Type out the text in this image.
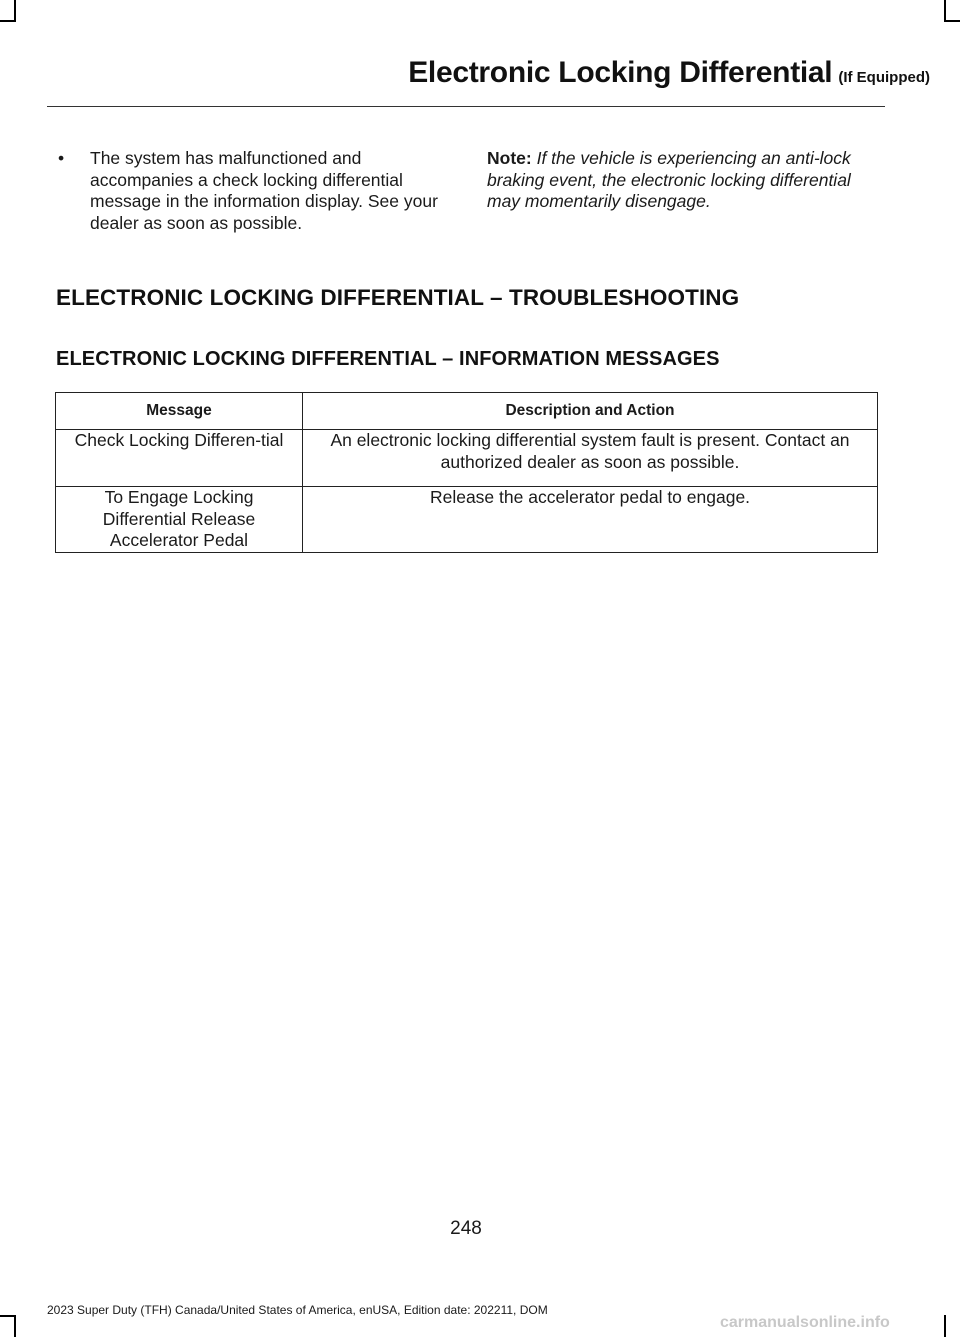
Electronic Locking Differential (If Equipped)
• The system has malfunctioned and accompanies a check locking differential message in the information display. See your dealer as soon as possible.
Note: If the vehicle is experiencing an anti-lock braking event, the electronic locking differential may momentarily disengage.
ELECTRONIC LOCKING DIFFERENTIAL – TROUBLESHOOTING
ELECTRONIC LOCKING DIFFERENTIAL – INFORMATION MESSAGES
Message	Description and Action
Check Locking Differen-tial	An electronic locking differential system fault is present. Contact an authorized dealer as soon as possible.
To Engage Locking Differential Release Accelerator Pedal	Release the accelerator pedal to engage.
248
2023 Super Duty (TFH) Canada/United States of America, enUSA, Edition date: 202211, DOM
carmanualsonline.info
